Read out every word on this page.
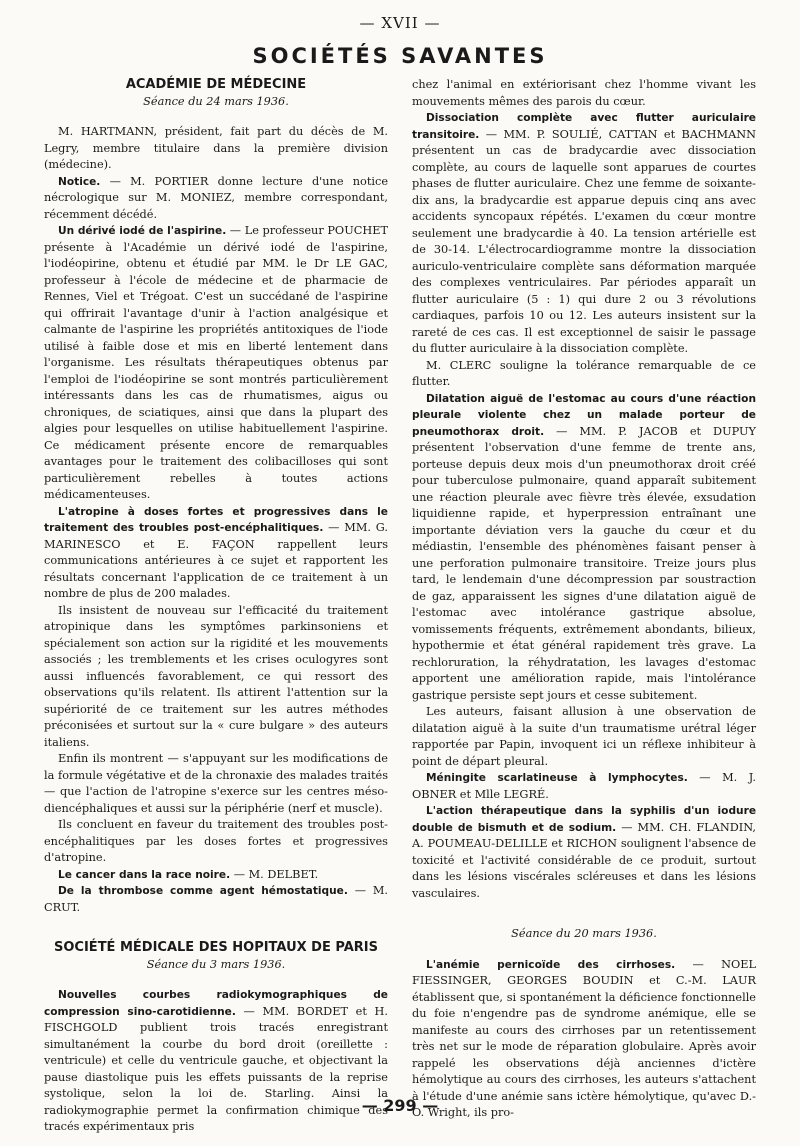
— XVII —
SOCIÉTÉS SAVANTES

ACADÉMIE DE MÉDECINE

Séance du 24 mars 1936.

M. HARTMANN, président, fait part du décès de M. Legry, membre titulaire dans la première division (médecine).

Notice. — M. PORTIER donne lecture d'une notice nécrologique sur M. MONIEZ, membre correspondant, récemment décédé.

Un dérivé iodé de l'aspirine. — Le professeur POUCHET présente à l'Académie un dérivé iodé de l'aspirine, l'iodéopirine, obtenu et étudié par MM. le Dr LE GAC, professeur à l'école de médecine et de pharmacie de Rennes, Viel et Trégoat. C'est un succédané de l'aspirine qui offrirait l'avantage d'unir à l'action analgésique et calmante de l'aspirine les propriétés antitoxiques de l'iode utilisé à faible dose et mis en liberté lentement dans l'organisme. Les résultats thérapeutiques obtenus par l'emploi de l'iodéopirine se sont montrés particulièrement intéressants dans les cas de rhumatismes, aigus ou chroniques, de sciatiques, ainsi que dans la plupart des algies pour lesquelles on utilise habituellement l'aspirine. Ce médicament présente encore de remarquables avantages pour le traitement des colibacilloses qui sont particulièrement rebelles à toutes actions médicamenteuses.

L'atropine à doses fortes et progressives dans le traitement des troubles post-encéphalitiques. — MM. G. MARINESCO et E. FAÇON rappellent leurs communications antérieures à ce sujet et rapportent les résultats concernant l'application de ce traitement à un nombre de plus de 200 malades.

Ils insistent de nouveau sur l'efficacité du traitement atropinique dans les symptômes parkinsoniens et spécialement son action sur la rigidité et les mouvements associés ; les tremblements et les crises oculogyres sont aussi influencés favorablement, ce qui ressort des observations qu'ils relatent. Ils attirent l'attention sur la supériorité de ce traitement sur les autres méthodes préconisées et surtout sur la « cure bulgare » des auteurs italiens.

Enfin ils montrent — s'appuyant sur les modifications de la formule végétative et de la chronaxie des malades traités — que l'action de l'atropine s'exerce sur les centres méso-diencéphaliques et aussi sur la périphérie (nerf et muscle).

Ils concluent en faveur du traitement des troubles post-encéphalitiques par les doses fortes et progressives d'atropine.

Le cancer dans la race noire. — M. DELBET.

De la thrombose comme agent hémostatique. — M. CRUT.

SOCIÉTÉ MÉDICALE DES HOPITAUX DE PARIS

Séance du 3 mars 1936.

Nouvelles courbes radiokymographiques de compression sino-carotidienne. — MM. BORDET et H. FISCHGOLD publient trois tracés enregistrant simultanément la courbe du bord droit (oreillette : ventricule) et celle du ventricule gauche, et objectivant la pause diastolique puis les effets puissants de la reprise systolique, selon la loi de. Starling. Ainsi la radiokymographie permet la confirmation chimique des tracés expérimentaux pris

chez l'animal en extériorisant chez l'homme vivant les mouvements mêmes des parois du cœur.

Dissociation complète avec flutter auriculaire transitoire. — MM. P. SOULIÉ, CATTAN et BACHMANN présentent un cas de bradycardie avec dissociation complète, au cours de laquelle sont apparues de courtes phases de flutter auriculaire. Chez une femme de soixante-dix ans, la bradycardie est apparue depuis cinq ans avec accidents syncopaux répétés. L'examen du cœur montre seulement une bradycardie à 40. La tension artérielle est de 30-14. L'électrocardiogramme montre la dissociation auriculo-ventriculaire complète sans déformation marquée des complexes ventriculaires. Par périodes apparaît un flutter auriculaire (5 : 1) qui dure 2 ou 3 révolutions cardiaques, parfois 10 ou 12. Les auteurs insistent sur la rareté de ces cas. Il est exceptionnel de saisir le passage du flutter auriculaire à la dissociation complète.

M. CLERC souligne la tolérance remarquable de ce flutter.

Dilatation aiguë de l'estomac au cours d'une réaction pleurale violente chez un malade porteur de pneumothorax droit. — MM. P. JACOB et DUPUY présentent l'observation d'une femme de trente ans, porteuse depuis deux mois d'un pneumothorax droit créé pour tuberculose pulmonaire, quand apparaît subitement une réaction pleurale avec fièvre très élevée, exsudation liquidienne rapide, et hyperpression entraînant une importante déviation vers la gauche du cœur et du médiastin, l'ensemble des phénomènes faisant penser à une perforation pulmonaire transitoire. Treize jours plus tard, le lendemain d'une décompression par soustraction de gaz, apparaissent les signes d'une dilatation aiguë de l'estomac avec intolérance gastrique absolue, vomissements fréquents, extrêmement abondants, bilieux, hypothermie et état général rapidement très grave. La rechloruration, la réhydratation, les lavages d'estomac apportent une amélioration rapide, mais l'intolérance gastrique persiste sept jours et cesse subitement.

Les auteurs, faisant allusion à une observation de dilatation aiguë à la suite d'un traumatisme urétral léger rapportée par Papin, invoquent ici un réflexe inhibiteur à point de départ pleural.

Méningite scarlatineuse à lymphocytes. — M. J. OBNER et Mlle LEGRÉ.

L'action thérapeutique dans la syphilis d'un iodure double de bismuth et de sodium. — MM. CH. FLANDIN, A. POUMEAU-DELILLE et RICHON soulignent l'absence de toxicité et l'activité considérable de ce produit, surtout dans les lésions viscérales scléreuses et dans les lésions vasculaires.

Séance du 20 mars 1936.

L'anémie pernicoïde des cirrhoses. — NOEL FIESSINGER, GEORGES BOUDIN et C.-M. LAUR établissent que, si spontanément la déficience fonctionnelle du foie n'engendre pas de syndrome anémique, elle se manifeste au cours des cirrhoses par un retentissement très net sur le mode de réparation globulaire. Après avoir rappelé les observations déjà anciennes d'ictère hémolytique au cours des cirrhoses, les auteurs s'attachent à l'étude d'une anémie sans ictère hémolytique, qu'avec D.-O. Wright, ils pro-

— 299 —
